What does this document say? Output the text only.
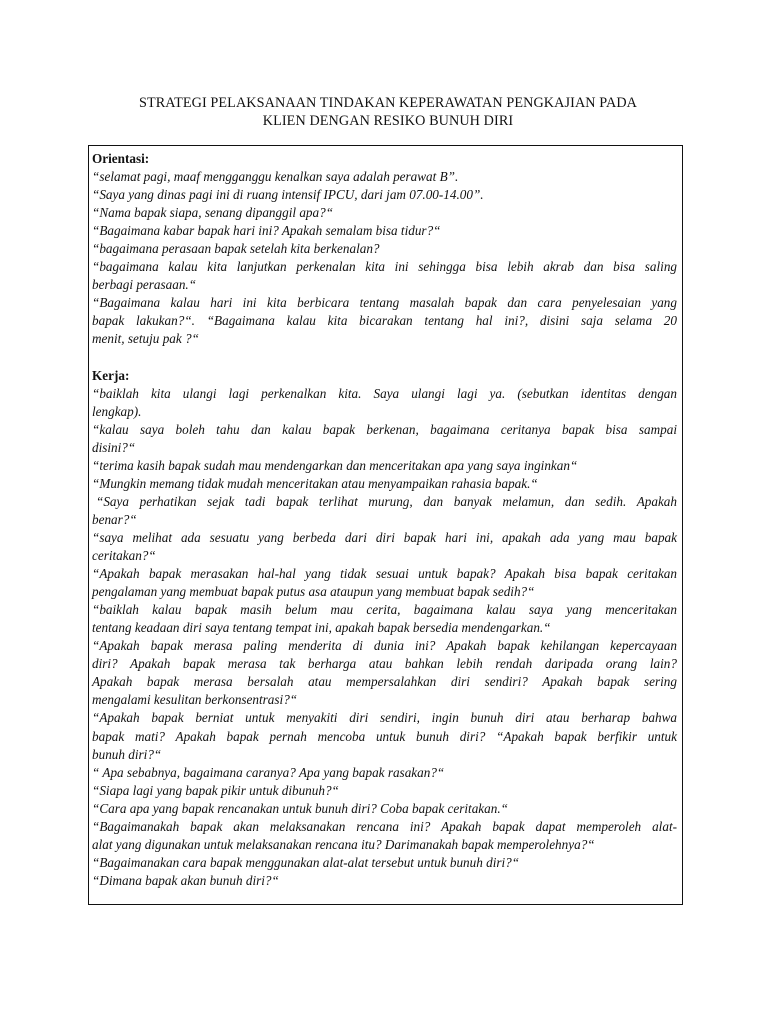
STRATEGI PELAKSANAAN TINDAKAN KEPERAWATAN PENGKAJIAN PADA
KLIEN DENGAN RESIKO BUNUH DIRI
Orientasi:
“selamat pagi, maaf mengganggu kenalkan saya adalah perawat B”.
“Saya yang dinas pagi ini di ruang intensif IPCU, dari jam 07.00-14.00”.
“Nama bapak siapa, senang dipanggil apa?“
“Bagaimana kabar bapak hari ini? Apakah semalam bisa tidur?“
“bagaimana perasaan bapak setelah kita berkenalan?
“bagaimana kalau kita lanjutkan perkenalan kita ini sehingga bisa lebih akrab dan bisa saling
berbagi perasaan.“
“Bagaimana kalau hari ini kita berbicara tentang masalah bapak dan cara penyelesaian yang
bapak lakukan?“. “Bagaimana kalau kita bicarakan tentang hal ini?, disini saja selama 20
menit, setuju pak ?“
Kerja:
“baiklah kita ulangi lagi perkenalkan kita. Saya ulangi lagi ya. (sebutkan identitas dengan
lengkap).
“kalau saya boleh tahu dan kalau bapak berkenan, bagaimana ceritanya bapak bisa sampai
disini?“
“terima kasih bapak sudah mau mendengarkan dan menceritakan apa yang saya inginkan“
“Mungkin memang tidak mudah menceritakan atau menyampaikan rahasia bapak.“
“Saya perhatikan sejak tadi bapak terlihat murung, dan banyak melamun, dan sedih. Apakah
benar?“
“saya melihat ada sesuatu yang berbeda dari diri bapak hari ini, apakah ada yang mau bapak
ceritakan?“
“Apakah bapak merasakan hal-hal yang tidak sesuai untuk bapak? Apakah bisa bapak ceritakan
pengalaman yang membuat bapak putus asa ataupun yang membuat bapak sedih?“
“baiklah kalau bapak masih belum mau cerita, bagaimana kalau saya yang menceritakan
tentang keadaan diri saya tentang tempat ini, apakah bapak bersedia mendengarkan.“
“Apakah bapak merasa paling menderita di dunia ini? Apakah bapak kehilangan kepercayaan
diri? Apakah bapak merasa tak berharga atau bahkan lebih rendah daripada orang lain?
Apakah bapak merasa bersalah atau mempersalahkan diri sendiri? Apakah bapak sering
mengalami kesulitan berkonsentrasi?“
“Apakah bapak berniat untuk menyakiti diri sendiri, ingin bunuh diri atau berharap bahwa
bapak mati? Apakah bapak pernah mencoba untuk bunuh diri? “Apakah bapak berfikir untuk
bunuh diri?“
“ Apa sebabnya, bagaimana caranya? Apa yang bapak rasakan?“
“Siapa lagi yang bapak pikir untuk dibunuh?“
“Cara apa yang bapak rencanakan untuk bunuh diri? Coba bapak ceritakan.“
“Bagaimanakah bapak akan melaksanakan rencana ini? Apakah bapak dapat memperoleh alat-
alat yang digunakan untuk melaksanakan rencana itu? Darimanakah bapak memperolehnya?“
“Bagaimanakan cara bapak menggunakan alat-alat tersebut untuk bunuh diri?“
“Dimana bapak akan bunuh diri?“
